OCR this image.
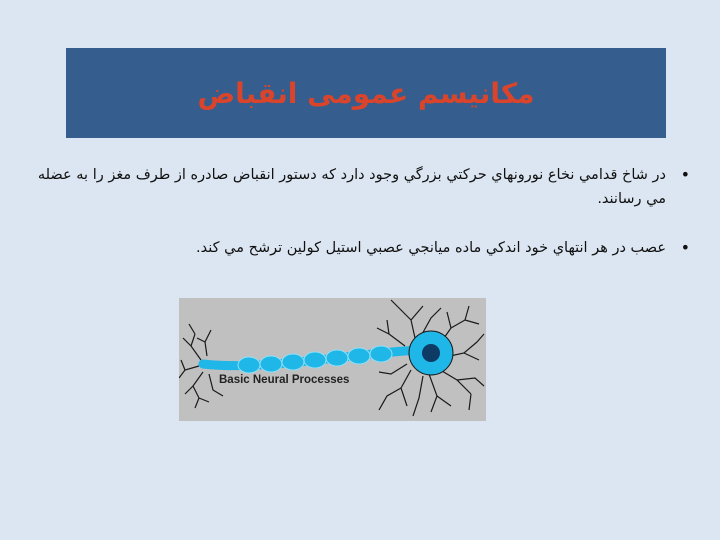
مکانیسم عمومی انقباض
•
در شاخ قدامي نخاع نورونهاي حركتي بزرگي وجود دارد كه دستور انقباض صادره از طرف مغز را به عضله مي رسانند.
•
عصب در هر انتهاي خود اندكي ماده ميانجي عصبي استيل كولين ترشح مي كند.
Basic Neural Processes
